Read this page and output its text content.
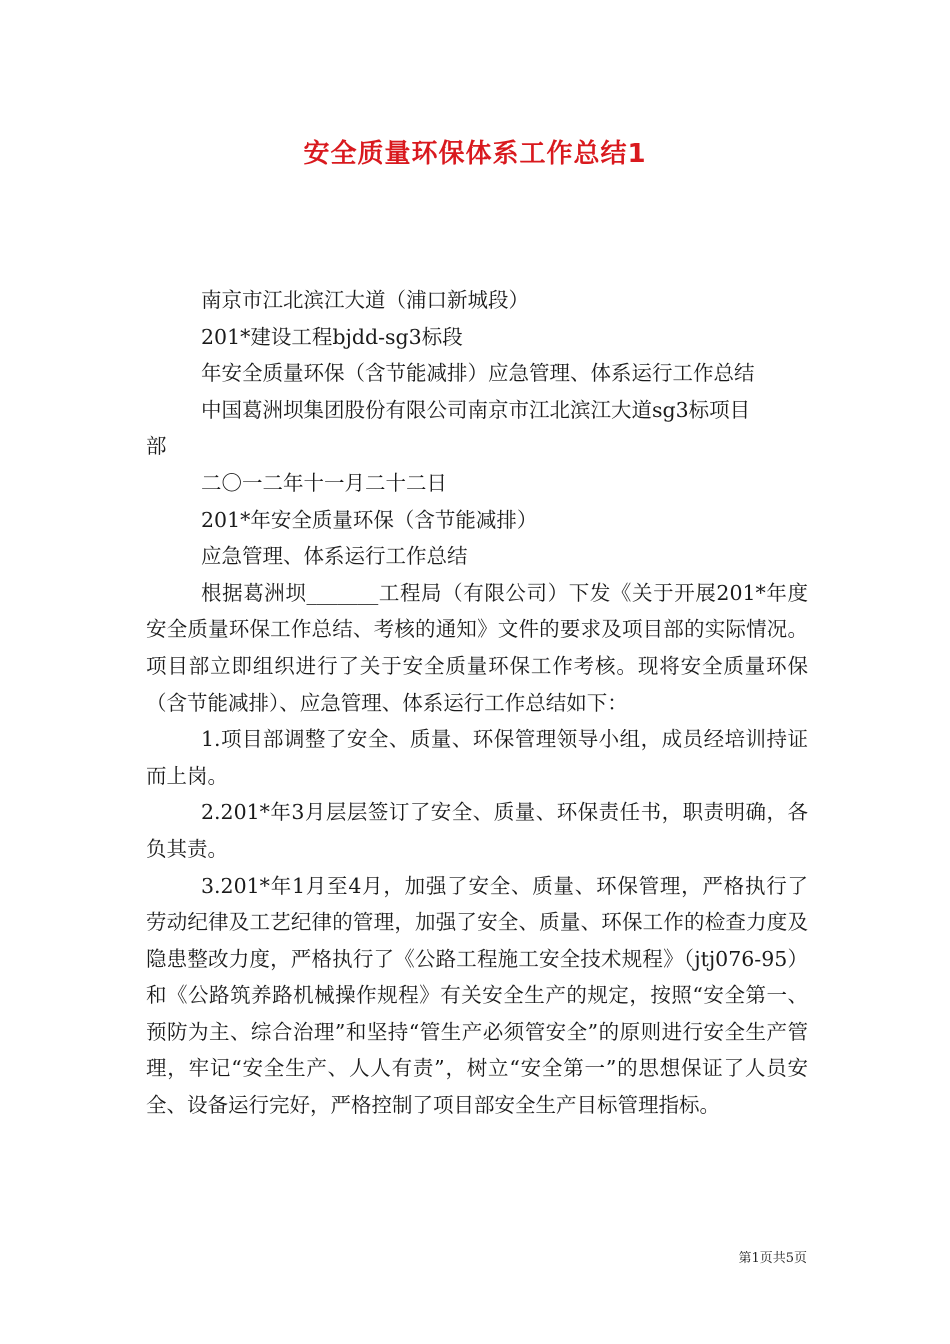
安全质量环保体系工作总结1
南京市江北滨江大道（浦口新城段）
201*建设工程bjdd-sg3标段
年安全质量环保（含节能减排）应急管理、体系运行工作总结
中国葛洲坝集团股份有限公司南京市江北滨江大道sg3标项目
部
二〇一二年十一月二十二日
201*年安全质量环保（含节能减排）
应急管理、体系运行工作总结
根据葛洲坝_______工程局（有限公司）下发《关于开展201*年度安全质量环保工作总结、考核的通知》文件的要求及项目部的实际情况。项目部立即组织进行了关于安全质量环保工作考核。现将安全质量环保（含节能减排）、应急管理、体系运行工作总结如下：
1.项目部调整了安全、质量、环保管理领导小组，成员经培训持证而上岗。
2.201*年3月层层签订了安全、质量、环保责任书，职责明确，各负其责。
3.201*年1月至4月，加强了安全、质量、环保管理，严格执行了劳动纪律及工艺纪律的管理，加强了安全、质量、环保工作的检查力度及隐患整改力度，严格执行了《公路工程施工安全技术规程》（jtj076-95）和《公路筑养路机械操作规程》有关安全生产的规定，按照“安全第一、预防为主、综合治理”和坚持“管生产必须管安全”的原则进行安全生产管理，牢记“安全生产、人人有责”，树立“安全第一”的思想保证了人员安全、设备运行完好，严格控制了项目部安全生产目标管理指标。
第1页共5页
